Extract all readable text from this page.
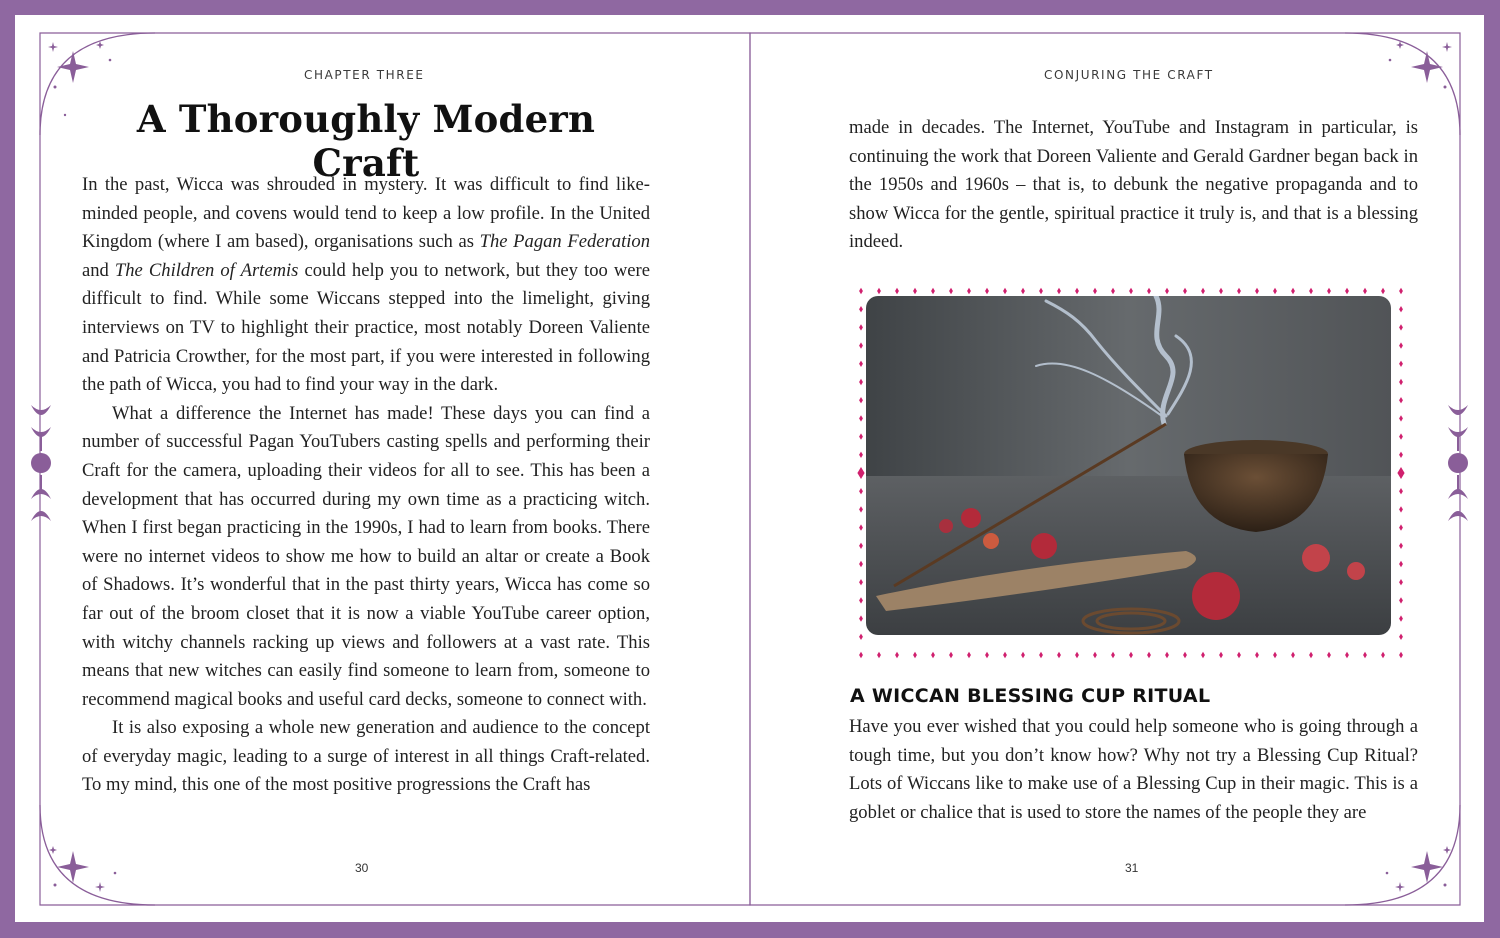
CHAPTER THREE	CONJURING THE CRAFT
A Thoroughly Modern Craft

In the past, Wicca was shrouded in mystery. It was difficult to find like-minded people, and covens would tend to keep a low profile. In the United Kingdom (where I am based), organisations such as The Pagan Federation and The Children of Artemis could help you to network, but they too were difficult to find. While some Wiccans stepped into the limelight, giving interviews on TV to highlight their practice, most notably Doreen Valiente and Patricia Crowther, for the most part, if you were interested in following the path of Wicca, you had to find your way in the dark.

What a difference the Internet has made! These days you can find a number of successful Pagan YouTubers casting spells and performing their Craft for the camera, uploading their videos for all to see. This has been a development that has occurred during my own time as a practicing witch. When I first began practicing in the 1990s, I had to learn from books. There were no internet videos to show me how to build an altar or create a Book of Shadows. It’s wonderful that in the past thirty years, Wicca has come so far out of the broom closet that it is now a viable YouTube career option, with witchy channels racking up views and followers at a vast rate. This means that new witches can easily find someone to learn from, someone to recommend magical books and useful card decks, someone to connect with.

It is also exposing a whole new generation and audience to the concept of everyday magic, leading to a surge of interest in all things Craft-related. To my mind, this one of the most positive progressions the Craft has

made in decades. The Internet, YouTube and Instagram in particular, is continuing the work that Doreen Valiente and Gerald Gardner began back in the 1950s and 1960s – that is, to debunk the negative propaganda and to show Wicca for the gentle, spiritual practice it truly is, and that is a blessing indeed.

A WICCAN BLESSING CUP RITUAL

Have you ever wished that you could help someone who is going through a tough time, but you don’t know how? Why not try a Blessing Cup Ritual? Lots of Wiccans like to make use of a Blessing Cup in their magic. This is a goblet or chalice that is used to store the names of the people they are

30	31
